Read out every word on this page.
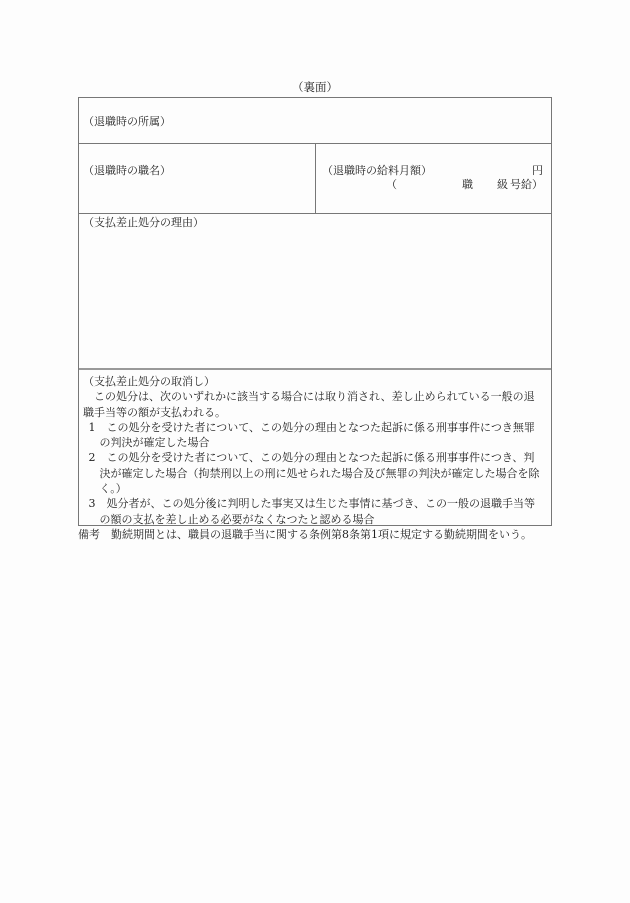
（裏面）
（退職時の所属）
（退職時の職名）	（退職時の給料月額）	円
（	職 級 号給）
（支払差止処分の理由）

（支払差止処分の取消し）

この処分は、次のいずれかに該当する場合には取り消され、差し止められている一般の退職手当等の額が支払われる。

1　この処分を受けた者について、この処分の理由となつた起訴に係る刑事事件につき無罪の判決が確定した場合

2　この処分を受けた者について、この処分の理由となつた起訴に係る刑事事件につき、判決が確定した場合（拘禁刑以上の刑に処せられた場合及び無罪の判決が確定した場合を除く。）

3　処分者が、この処分後に判明した事実又は生じた事情に基づき、この一般の退職手当等の額の支払を差し止める必要がなくなつたと認める場合

備考　勤続期間とは、職員の退職手当に関する条例第8条第1項に規定する勤続期間をいう。
